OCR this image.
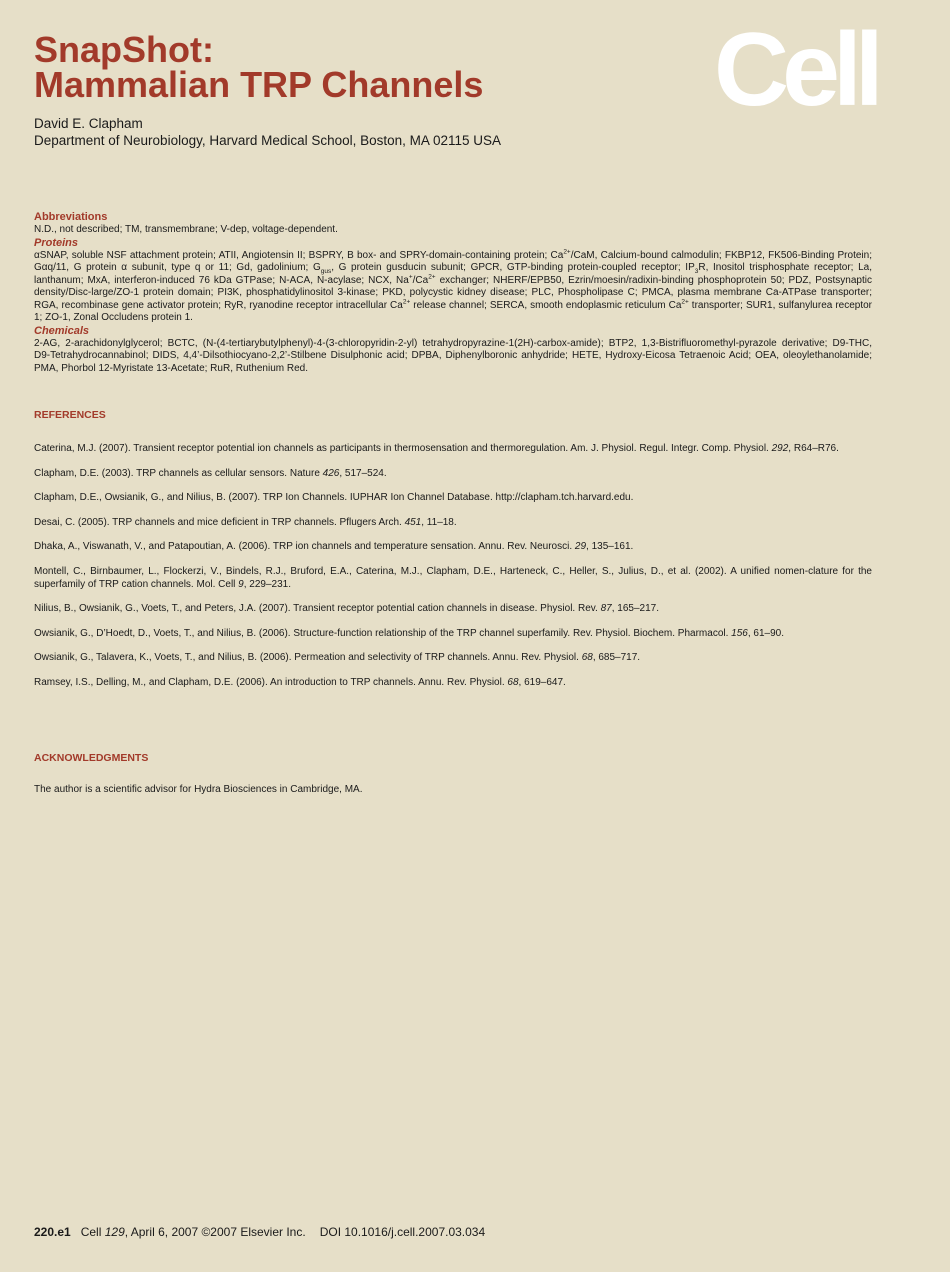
SnapShot:
Mammalian TRP Channels Cell
David E. Clapham
Department of Neurobiology, Harvard Medical School, Boston, MA 02115 USA
Abbreviations

N.D., not described; TM, transmembrane; V-dep, voltage-dependent.

Proteins

αSNAP, soluble NSF attachment protein; ATII, Angiotensin II; BSPRY, B box- and SPRY-domain-containing protein; $Ca^{2+}$/CaM, Calcium-bound calmodulin; FKBP12, FK506-Binding Protein; Gαq/11, G protein α subunit, type q or 11; Gd, gadolinium; $G_{gus}$, G protein gusducin subunit; GPCR, GTP-binding protein-coupled receptor; $IP_3R$, Inositol trisphosphate receptor; La, lanthanum; MxA, interferon-induced 76 kDa GTPase; N-ACA, N-acylase; NCX, $Na^+/Ca^{2+}$ exchanger; NHERF/EPB50, Ezrin/moesin/radixin-binding phosphoprotein 50; PDZ, Postsynaptic density/Disc-large/ZO-1 protein domain; PI3K, phosphatidylinositol 3-kinase; PKD, polycystic kidney disease; PLC, Phospholipase C; PMCA, plasma membrane Ca-ATPase transporter; RGA, recombinase gene activator protein; RyR, ryanodine receptor intracellular $Ca^{2+}$ release channel; SERCA, smooth endoplasmic reticulum $Ca^{2+}$ transporter; SUR1, sulfanylurea receptor 1; ZO-1, Zonal Occludens protein 1.

Chemicals

2-AG, 2-arachidonylglycerol; BCTC, (N-(4-tertiarybutylphenyl)-4-(3-chloropyridin-2-yl) tetrahydropyrazine-1(2H)-carbox-amide); BTP2, 1,3-Bistrifluoromethyl-pyrazole derivative; D9-THC, D9-Tetrahydrocannabinol; DIDS, 4,4’-Dilsothiocyano-2,2’-Stilbene Disulphonic acid; DPBA, Diphenylboronic anhydride; HETE, Hydroxy-Eicosa Tetraenoic Acid; OEA, oleoylethanolamide; PMA, Phorbol 12-Myristate 13-Acetate; RuR, Ruthenium Red.

REFERENCES

Caterina, M.J. (2007). Transient receptor potential ion channels as participants in thermosensation and thermoregulation. Am. J. Physiol. Regul. Integr. Comp. Physiol. 292, R64–R76.

Clapham, D.E. (2003). TRP channels as cellular sensors. Nature 426, 517–524.

Clapham, D.E., Owsianik, G., and Nilius, B. (2007). TRP Ion Channels. IUPHAR Ion Channel Database. http://clapham.tch.harvard.edu.

Desai, C. (2005). TRP channels and mice deficient in TRP channels. Pflugers Arch. 451, 11–18.

Dhaka, A., Viswanath, V., and Patapoutian, A. (2006). TRP ion channels and temperature sensation. Annu. Rev. Neurosci. 29, 135–161.

Montell, C., Birnbaumer, L., Flockerzi, V., Bindels, R.J., Bruford, E.A., Caterina, M.J., Clapham, D.E., Harteneck, C., Heller, S., Julius, D., et al. (2002). A unified nomen-clature for the superfamily of TRP cation channels. Mol. Cell 9, 229–231.

Nilius, B., Owsianik, G., Voets, T., and Peters, J.A. (2007). Transient receptor potential cation channels in disease. Physiol. Rev. 87, 165–217.

Owsianik, G., D’Hoedt, D., Voets, T., and Nilius, B. (2006). Structure-function relationship of the TRP channel superfamily. Rev. Physiol. Biochem. Pharmacol. 156, 61–90.

Owsianik, G., Talavera, K., Voets, T., and Nilius, B. (2006). Permeation and selectivity of TRP channels. Annu. Rev. Physiol. 68, 685–717.

Ramsey, I.S., Delling, M., and Clapham, D.E. (2006). An introduction to TRP channels. Annu. Rev. Physiol. 68, 619–647.

ACKNOWLEDGMENTS
The author is a scientific advisor for Hydra Biosciences in Cambridge, MA.
220.e1 Cell 129, April 6, 2007 ©2007 Elsevier Inc. DOI 10.1016/j.cell.2007.03.034
